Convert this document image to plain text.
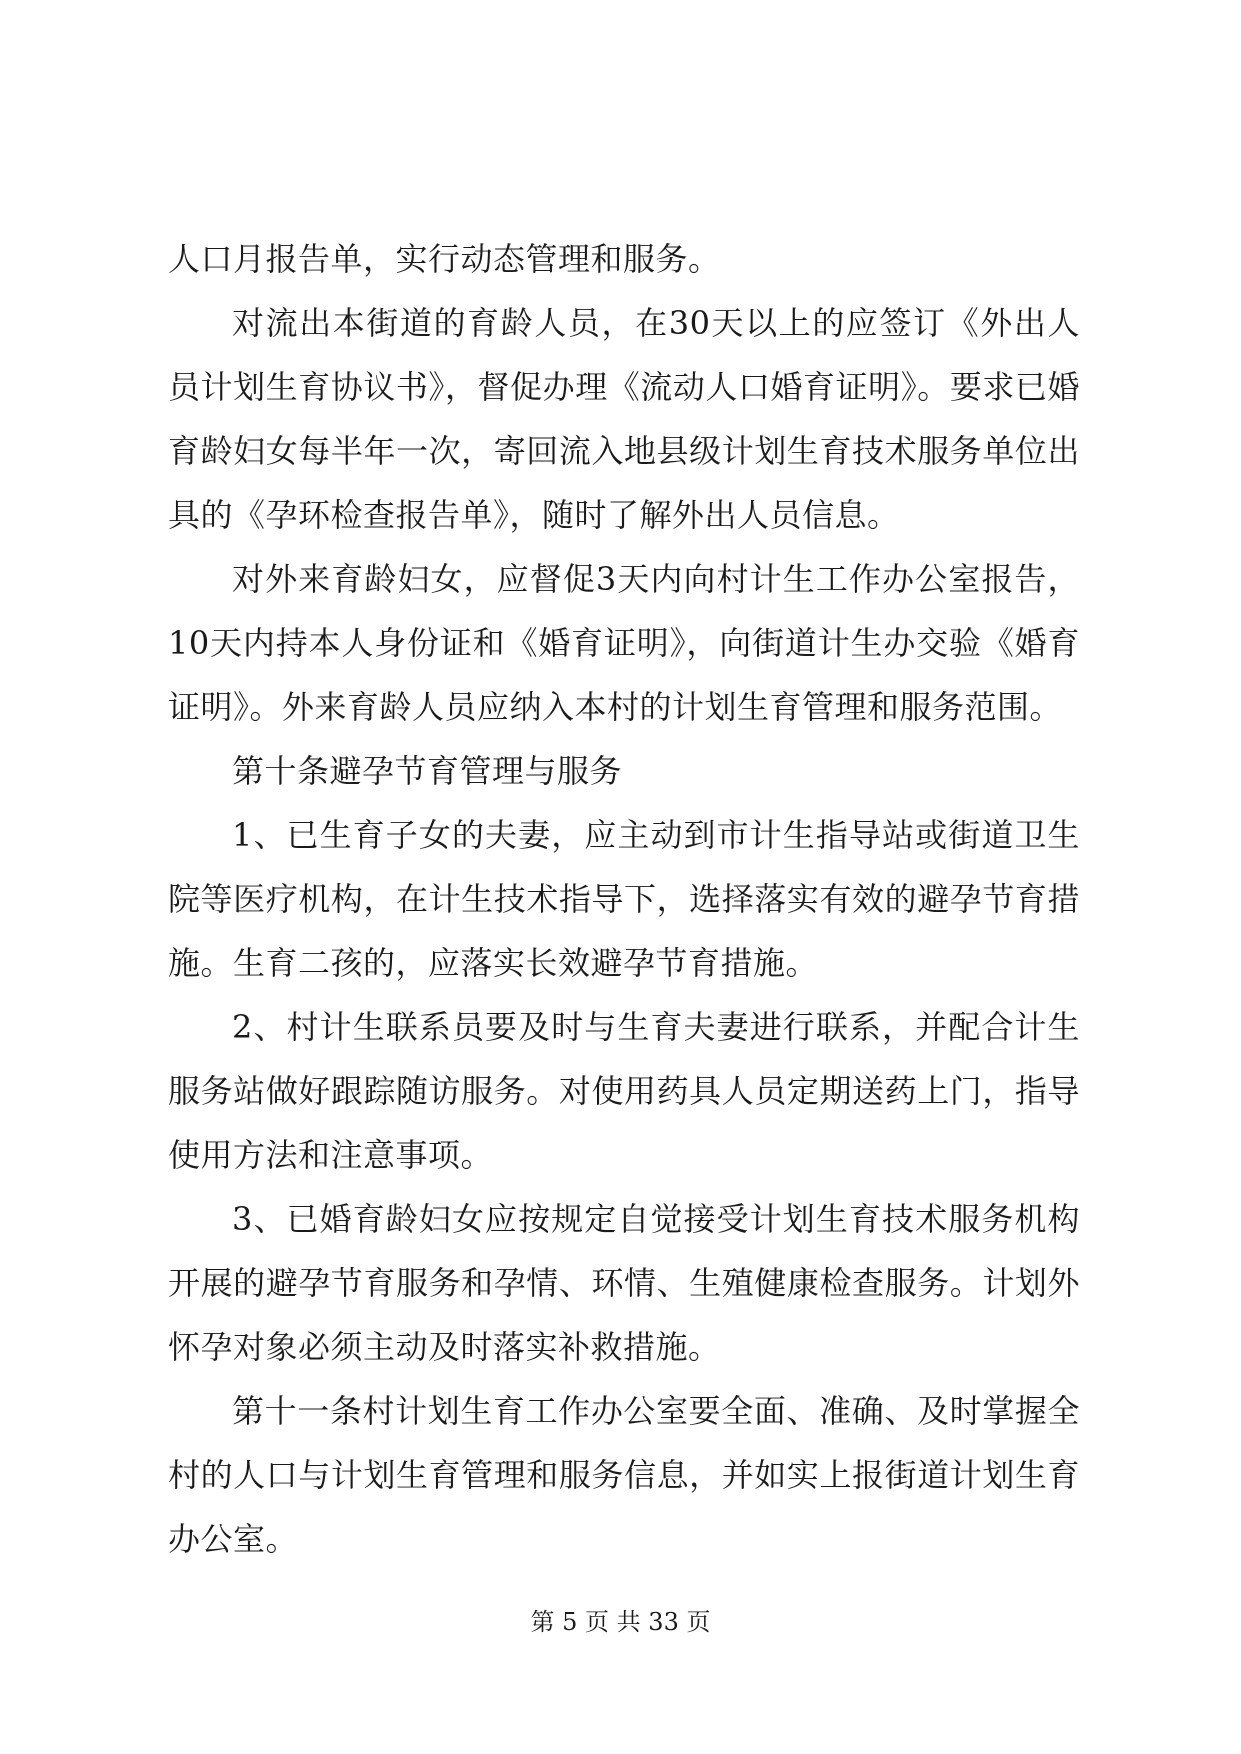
人口月报告单，实行动态管理和服务。

对流出本街道的育龄人员，在30天以上的应签订《外出人员计划生育协议书》，督促办理《流动人口婚育证明》。要求已婚育龄妇女每半年一次，寄回流入地县级计划生育技术服务单位出具的《孕环检查报告单》，随时了解外出人员信息。

对外来育龄妇女，应督促3天内向村计生工作办公室报告，10天内持本人身份证和《婚育证明》，向街道计生办交验《婚育证明》。外来育龄人员应纳入本村的计划生育管理和服务范围。

第十条避孕节育管理与服务

1、已生育子女的夫妻，应主动到市计生指导站或街道卫生院等医疗机构，在计生技术指导下，选择落实有效的避孕节育措施。生育二孩的，应落实长效避孕节育措施。

2、村计生联系员要及时与生育夫妻进行联系，并配合计生服务站做好跟踪随访服务。对使用药具人员定期送药上门，指导使用方法和注意事项。

3、已婚育龄妇女应按规定自觉接受计划生育技术服务机构开展的避孕节育服务和孕情、环情、生殖健康检查服务。计划外怀孕对象必须主动及时落实补救措施。

第十一条村计划生育工作办公室要全面、准确、及时掌握全村的人口与计划生育管理和服务信息，并如实上报街道计划生育办公室。

第 5 页 共 33 页
